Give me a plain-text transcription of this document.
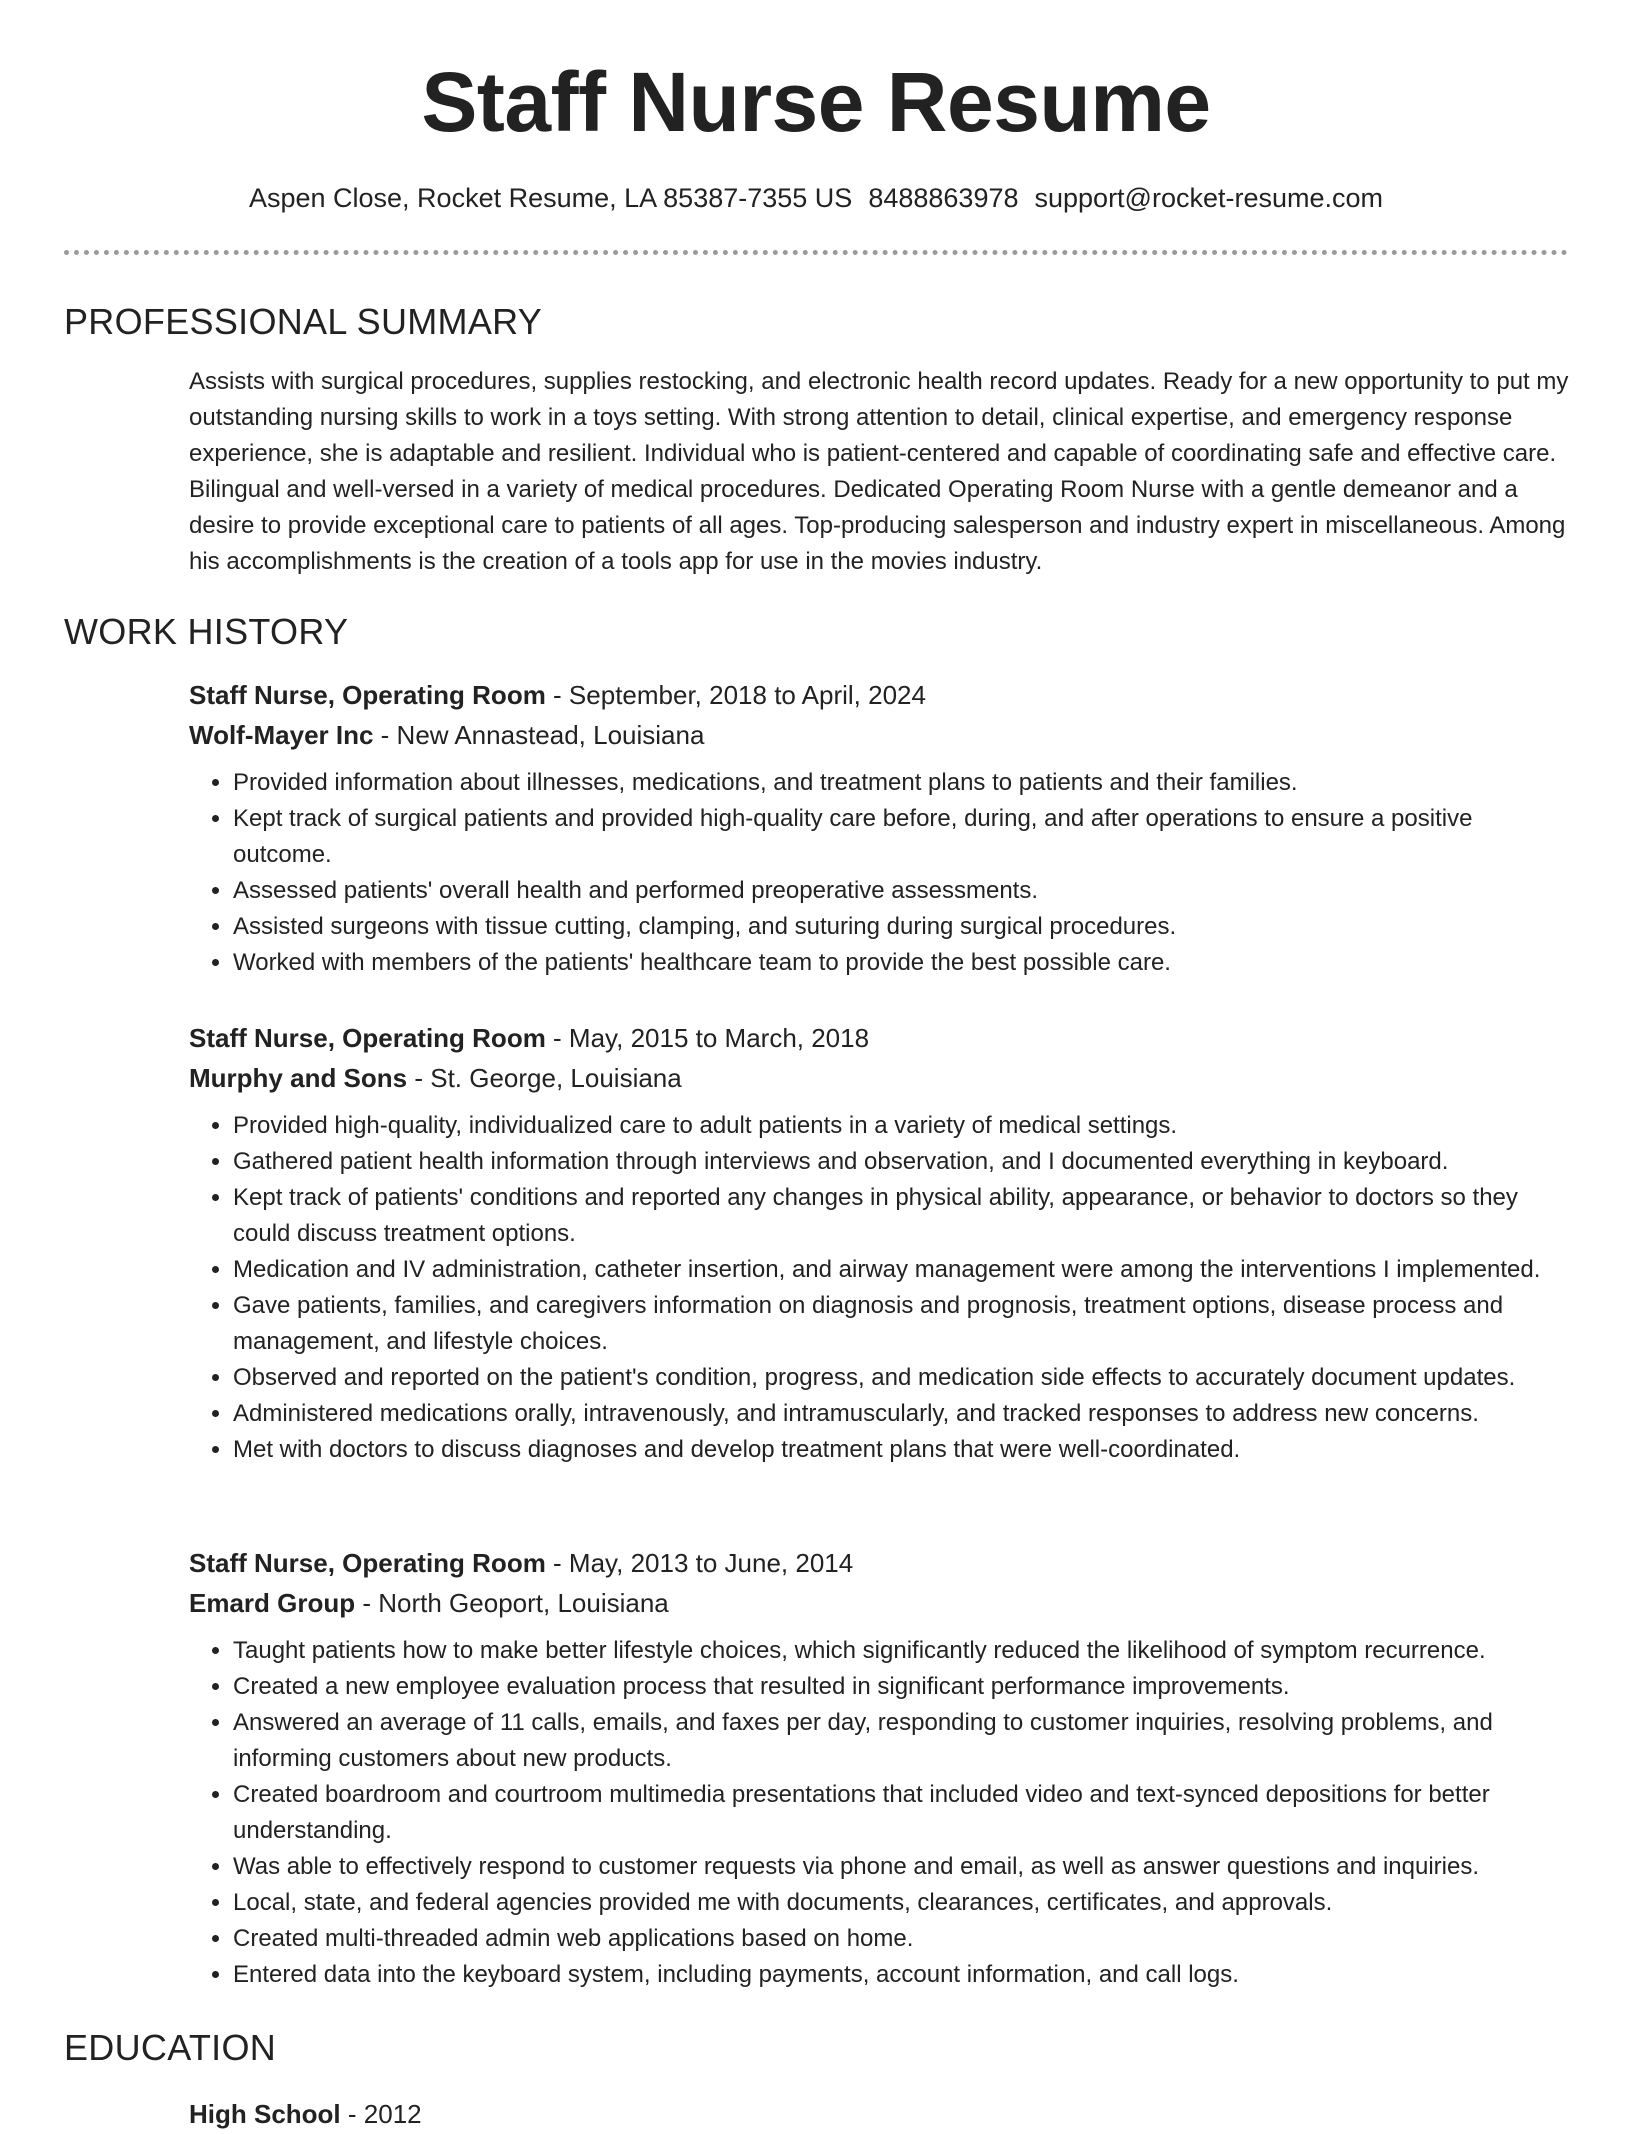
Staff Nurse Resume
Aspen Close, Rocket Resume, LA 85387-7355 US 8488863978 support@rocket-resume.com
PROFESSIONAL SUMMARY

Assists with surgical procedures, supplies restocking, and electronic health record updates. Ready for a new opportunity to put my outstanding nursing skills to work in a toys setting. With strong attention to detail, clinical expertise, and emergency response experience, she is adaptable and resilient. Individual who is patient-centered and capable of coordinating safe and effective care. Bilingual and well-versed in a variety of medical procedures. Dedicated Operating Room Nurse with a gentle demeanor and a desire to provide exceptional care to patients of all ages. Top-producing salesperson and industry expert in miscellaneous. Among his accomplishments is the creation of a tools app for use in the movies industry.

WORK HISTORY
Staff Nurse, Operating Room - September, 2018 to April, 2024
Wolf-Mayer Inc - New Annastead, Louisiana
• Provided information about illnesses, medications, and treatment plans to patients and their families.
• Kept track of surgical patients and provided high-quality care before, during, and after operations to ensure a positive outcome.
• Assessed patients' overall health and performed preoperative assessments.
• Assisted surgeons with tissue cutting, clamping, and suturing during surgical procedures.
• Worked with members of the patients' healthcare team to provide the best possible care.
Staff Nurse, Operating Room - May, 2015 to March, 2018
Murphy and Sons - St. George, Louisiana
• Provided high-quality, individualized care to adult patients in a variety of medical settings.
• Gathered patient health information through interviews and observation, and I documented everything in keyboard.
• Kept track of patients' conditions and reported any changes in physical ability, appearance, or behavior to doctors so they could discuss treatment options.
• Medication and IV administration, catheter insertion, and airway management were among the interventions I implemented.
• Gave patients, families, and caregivers information on diagnosis and prognosis, treatment options, disease process and management, and lifestyle choices.
• Observed and reported on the patient's condition, progress, and medication side effects to accurately document updates.
• Administered medications orally, intravenously, and intramuscularly, and tracked responses to address new concerns.
• Met with doctors to discuss diagnoses and develop treatment plans that were well-coordinated.
Staff Nurse, Operating Room - May, 2013 to June, 2014
Emard Group - North Geoport, Louisiana
• Taught patients how to make better lifestyle choices, which significantly reduced the likelihood of symptom recurrence.
• Created a new employee evaluation process that resulted in significant performance improvements.
• Answered an average of 11 calls, emails, and faxes per day, responding to customer inquiries, resolving problems, and informing customers about new products.
• Created boardroom and courtroom multimedia presentations that included video and text-synced depositions for better understanding.
• Was able to effectively respond to customer requests via phone and email, as well as answer questions and inquiries.
• Local, state, and federal agencies provided me with documents, clearances, certificates, and approvals.
• Created multi-threaded admin web applications based on home.
• Entered data into the keyboard system, including payments, account information, and call logs.
EDUCATION
High School - 2012
